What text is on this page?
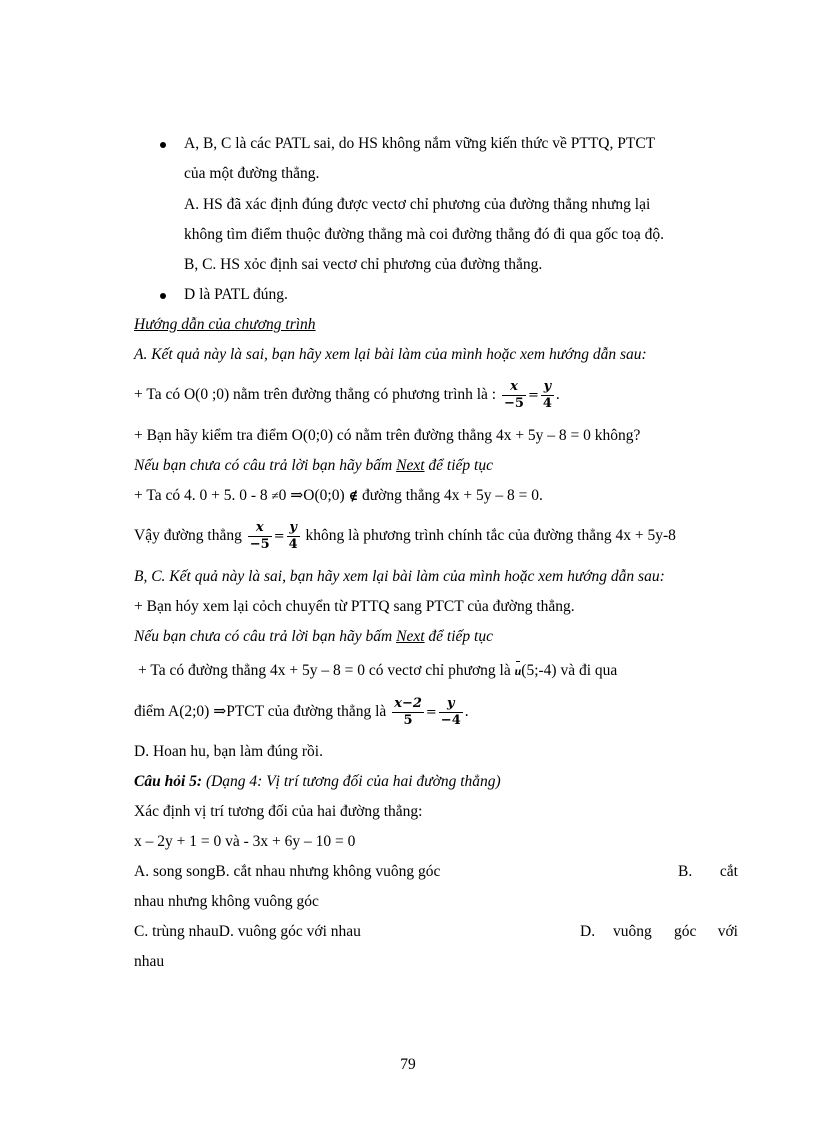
A, B, C là các PATL sai, do HS không nắm vững kiến thức về PTTQ, PTCT
của một đường thẳng.
A. HS đã xác định đúng được vectơ chỉ phương của đường thẳng nhưng lại
không tìm điểm thuộc đường thẳng mà coi đường thẳng đó đi qua gốc toạ độ.
B, C. HS xỏc định sai vectơ chỉ phương của đường thẳng.
D là PATL đúng.
Hướng dẫn của chương trình
A. Kết quả này là sai, bạn hãy xem lại bài làm của mình hoặc xem hướng dẫn sau:
+ Ta có O(0 ;0) nằm trên đường thẳng có phương trình là : $\frac{x}{-5} = \frac{y}{4}$ .
+ Bạn hãy kiểm tra điểm O(0;0) có nằm trên đường thẳng 4x + 5y – 8 = 0 không?
Nếu bạn chưa có câu trả lời bạn hãy bấm Next để tiếp tục
+ Ta có 4. 0 + 5. 0 - 8 ≠0 ⇒O(0;0) ∉ đường thẳng 4x + 5y – 8 = 0.
Vậy đường thẳng $\frac{x}{-5} = \frac{y}{4}$ không là phương trình chính tắc của đường thẳng 4x + 5y-8
B, C. Kết quả này là sai, bạn hãy xem lại bài làm của mình hoặc xem hướng dẫn sau:
+ Bạn hóy xem lại cỏch chuyển từ PTTQ sang PTCT của đường thẳng.
Nếu bạn chưa có câu trả lời bạn hãy bấm Next để tiếp tục
+ Ta có đường thẳng 4x + 5y – 8 = 0 có vectơ chỉ phương là u(5;-4) và đi qua
điểm A(2;0) ⇒PTCT của đường thẳng là $\frac{x-2}{5} = \frac{y}{-4}$ .
D. Hoan hu, bạn làm đúng rồi.
Câu hỏi 5: (Dạng 4: Vị trí tương đối của hai đường thẳng)
Xác định vị trí tương đối của hai đường thẳng:
x – 2y + 1 = 0 và - 3x + 6y – 10 = 0
A. song songB. cắt nhau nhưng không vuông góc	B. cắt
nhau nhưng không vuông góc
C. trùng nhauD. vuông góc với nhau	D. vuông góc với
nhau
79
